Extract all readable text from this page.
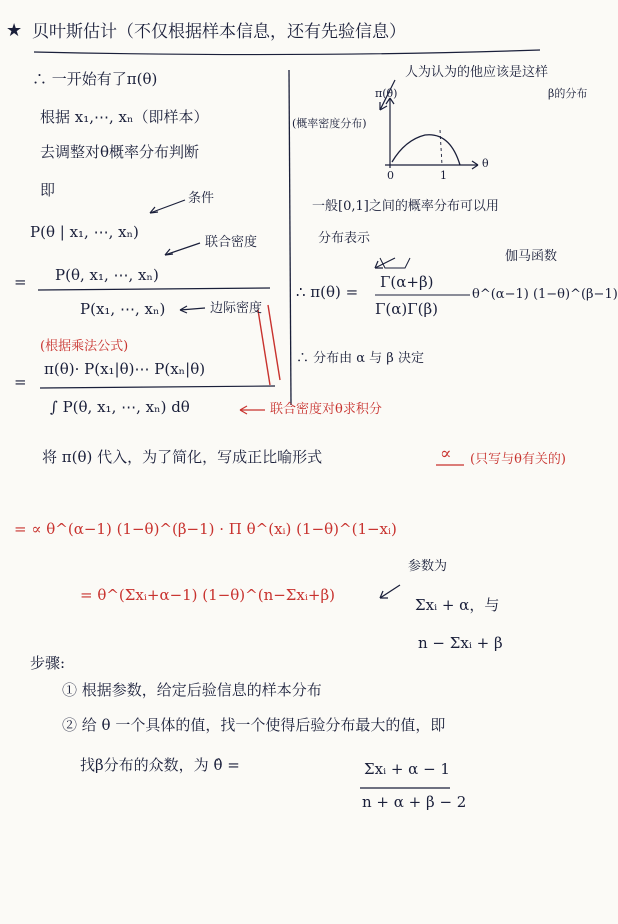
★ 贝叶斯估计（不仅根据样本信息，还有先验信息）
∴ 一开始有了π(θ)
根据 x₁,⋯, xₙ（即样本）
去调整对θ概率分布判断
即	条件
P(θ | x₁, ⋯, xₙ)
联合密度
= P(θ, x₁, ⋯, xₙ)
P(x₁, ⋯, xₙ)	边际密度
(根据乘法公式)
=
π(θ)· P(x₁|θ)⋯ P(xₙ|θ)
∫ P(θ, x₁, ⋯, xₙ) dθ	联合密度对θ求积分
人为认为的他应该是这样
β的分布
(概率密度分布)
π(θ)
θ
0	1
一般[0,1]之间的概率分布可以用
分布表示
伽马函数
∴ π(θ) =
Γ(α+β)
Γ(α)Γ(β)
θ^(α−1) (1−θ)^(β−1)
∴ 分布由 α 与 β 决定
将 π(θ) 代入，为了简化，写成正比喻形式	∝ (只写与θ有关的)
= ∝ θ^(α−1) (1−θ)^(β−1) · Π θ^(xᵢ) (1−θ)^(1−xᵢ)
= θ^(Σxᵢ+α−1) (1−θ)^(n−Σxᵢ+β)
参数为
Σxᵢ + α，与
n − Σxᵢ + β
步骤:
① 根据参数，给定后验信息的样本分布
② 给 θ 一个具体的值，找一个使得后验分布最大的值，即
找β分布的众数，为 θ̂ =	Σxᵢ + α − 1
n + α + β − 2
